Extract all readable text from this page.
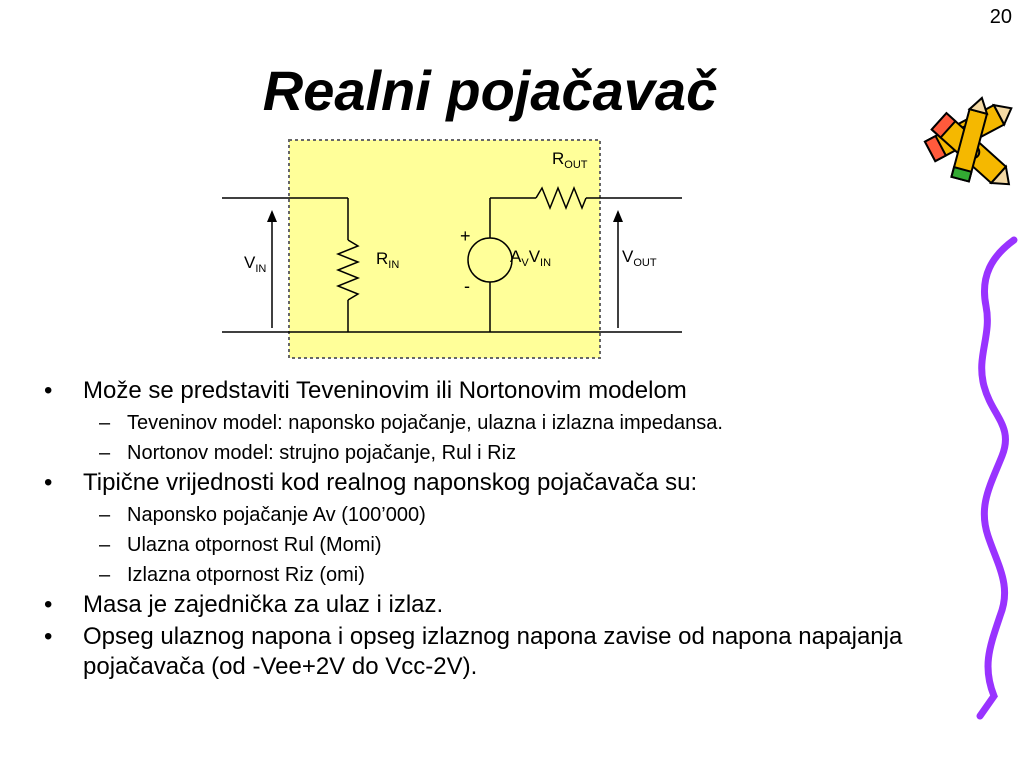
20
Realni pojačavač
$V_{IN}$
$R_{IN}$
$R_{OUT}$
$V_{OUT}$
$A_VV_{IN}$
+
-
• Može se predstaviti Teveninovim ili Nortonovim modelom
– Teveninov model: naponsko pojačanje, ulazna i izlazna impedansa.
– Nortonov model: strujno pojačanje, Rul i Riz
• Tipične vrijednosti kod realnog naponskog pojačavača su:
– Naponsko pojačanje Av (100’000)
– Ulazna otpornost Rul (Momi)
– Izlazna otpornost Riz (omi)
• Masa je zajednička za ulaz i izlaz.
• Opseg ulaznog napona i opseg izlaznog napona zavise od napona napajanja pojačavača (od -Vee+2V do Vcc-2V).
